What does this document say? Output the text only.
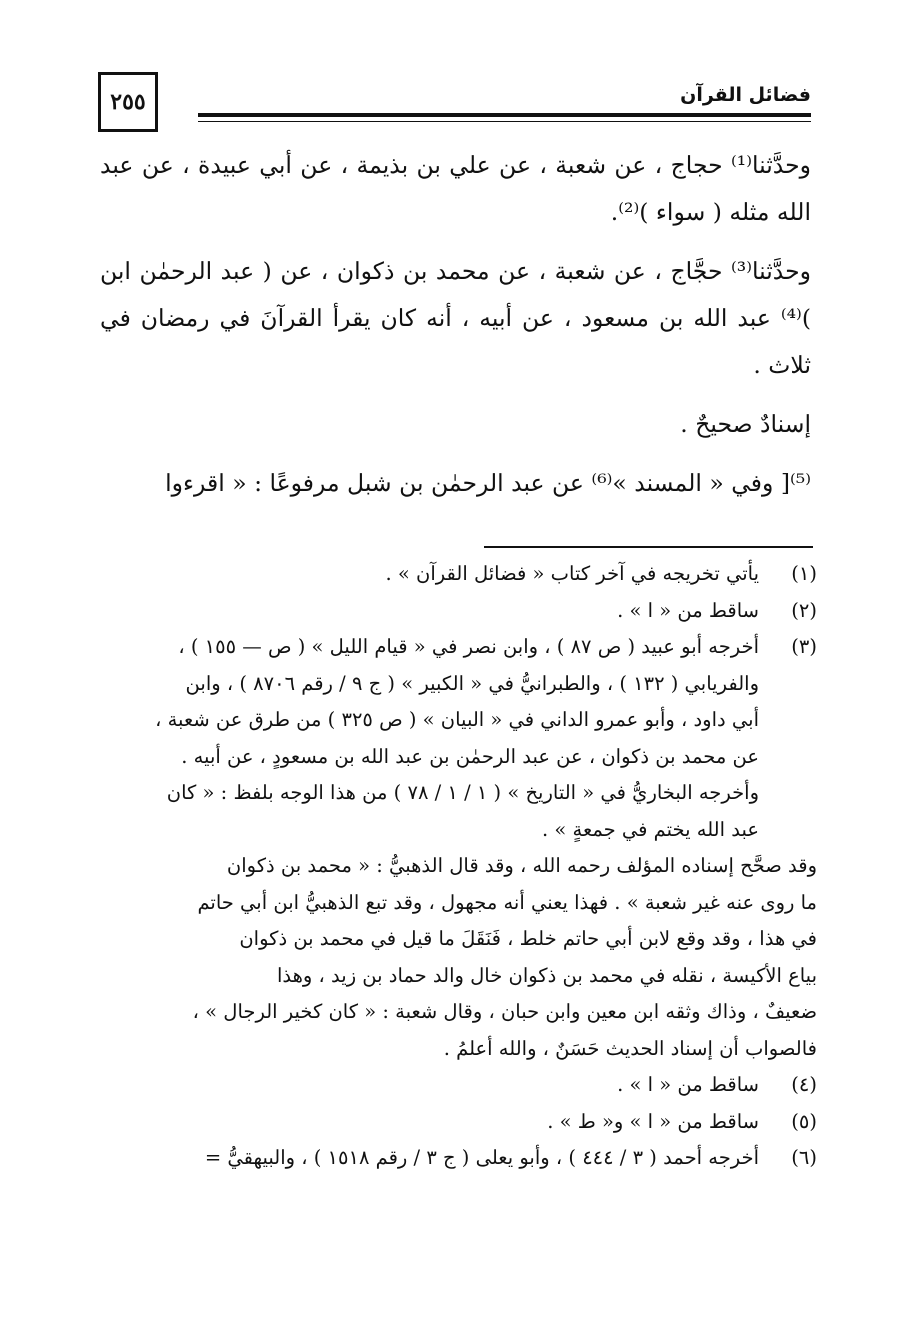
٢٥٥	فضائل القرآن

وحدَّثنا⁽¹⁾ حجاج ، عن شعبة ، عن علي بن بذيمة ، عن أبي عبيدة ، عن عبد الله مثله ( سواء )⁽²⁾.

وحدَّثنا⁽³⁾ حجَّاج ، عن شعبة ، عن محمد بن ذكوان ، عن ( عبد الرحمٰن ابن )⁽⁴⁾ عبد الله بن مسعود ، عن أبيه ، أنه كان يقرأ القرآنَ في رمضان في ثلاث .

إسنادٌ صحيحٌ .

⁽⁵⁾[ وفي « المسند »⁽⁶⁾ عن عبد الرحمٰن بن شبل مرفوعًا : « اقرءوا

(١)
يأتي تخريجه في آخر كتاب « فضائل القرآن » .
(٢)
ساقط من « ا » .
(٣)
أخرجه أبو عبيد ( ص ٨٧ ) ، وابن نصر في « قيام الليل » ( ص — ١٥٥ ) ،
والفريابي ( ١٣٢ ) ، والطبرانيُّ في « الكبير » ( ج ٩ / رقم ٨٧٠٦ ) ، وابن
أبي داود ، وأبو عمرو الداني في « البيان » ( ص ٣٢٥ ) من طرق عن شعبة ،
عن محمد بن ذكوان ، عن عبد الرحمٰن بن عبد الله بن مسعودٍ ، عن أبيه .
وأخرجه البخاريُّ في « التاريخ » ( ١ / ١ / ٧٨ ) من هذا الوجه بلفظ : « كان
عبد الله يختم في جمعةٍ » .
وقد صحَّح إسناده المؤلف رحمه الله ، وقد قال الذهبيُّ : « محمد بن ذكوان
ما روى عنه غير شعبة » . فهذا يعني أنه مجهول ، وقد تبع الذهبيُّ ابن أبي حاتم
في هذا ، وقد وقع لابن أبي حاتم خلط ، فَنَقَلَ ما قيل في محمد بن ذكوان
بياع الأكيسة ، نقله في محمد بن ذكوان خال والد حماد بن زيد ، وهذا
ضعيفٌ ، وذاك وثقه ابن معين وابن حبان ، وقال شعبة : « كان كخير الرجال » ،
فالصواب أن إسناد الحديث حَسَنٌ ، والله أعلمُ .
(٤)
ساقط من « ا » .
(٥)
ساقط من « ا » و« ط » .
(٦)
أخرجه أحمد ( ٣ / ٤٤٤ ) ، وأبو يعلى ( ج ٣ / رقم ١٥١٨ ) ، والبيهقيُّ =
